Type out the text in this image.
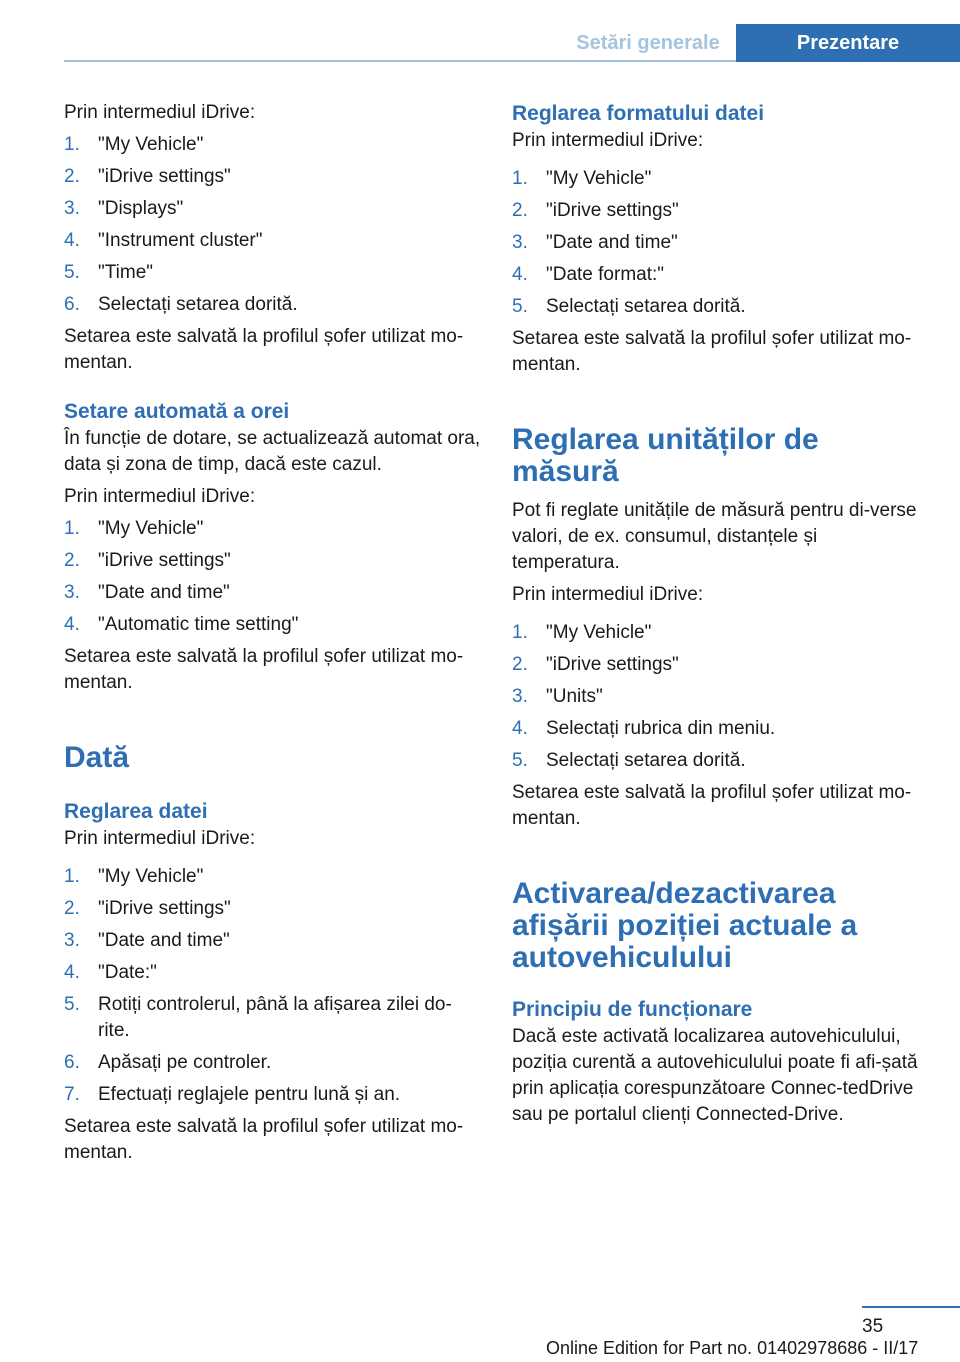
Setări generale	Prezentare

Prin intermediul iDrive:

1. "My Vehicle"
2. "iDrive settings"
3. "Displays"
4. "Instrument cluster"
5. "Time"
6. Selectați setarea dorită.

Setarea este salvată la profilul șofer utilizat mo-mentan.

Setare automată a orei

În funcție de dotare, se actualizează automat ora, data și zona de timp, dacă este cazul.

Prin intermediul iDrive:

1. "My Vehicle"
2. "iDrive settings"
3. "Date and time"
4. "Automatic time setting"

Setarea este salvată la profilul șofer utilizat mo-mentan.

Dată
Reglarea datei

Prin intermediul iDrive:

1. "My Vehicle"
2. "iDrive settings"
3. "Date and time"
4. "Date:"
5. Rotiți controlerul, până la afișarea zilei do-rite.
6. Apăsați pe controler.
7. Efectuați reglajele pentru lună și an.

Setarea este salvată la profilul șofer utilizat mo-mentan.

Reglarea formatului datei

Prin intermediul iDrive:

1. "My Vehicle"
2. "iDrive settings"
3. "Date and time"
4. "Date format:"
5. Selectați setarea dorită.

Setarea este salvată la profilul șofer utilizat mo-mentan.

Reglarea unităților de măsură

Pot fi reglate unitățile de măsură pentru di-verse valori, de ex. consumul, distanțele și temperatura.

Prin intermediul iDrive:

1. "My Vehicle"
2. "iDrive settings"
3. "Units"
4. Selectați rubrica din meniu.
5. Selectați setarea dorită.

Setarea este salvată la profilul șofer utilizat mo-mentan.

Activarea/dezactivarea afișării poziției actuale a autovehiculului
Principiu de funcționare

Dacă este activată localizarea autovehiculului, poziția curentă a autovehiculului poate fi afi-șată prin aplicația corespunzătoare Connec-tedDrive sau pe portalul clienți Connected-Drive.

35
Online Edition for Part no. 01402978686 - II/17
